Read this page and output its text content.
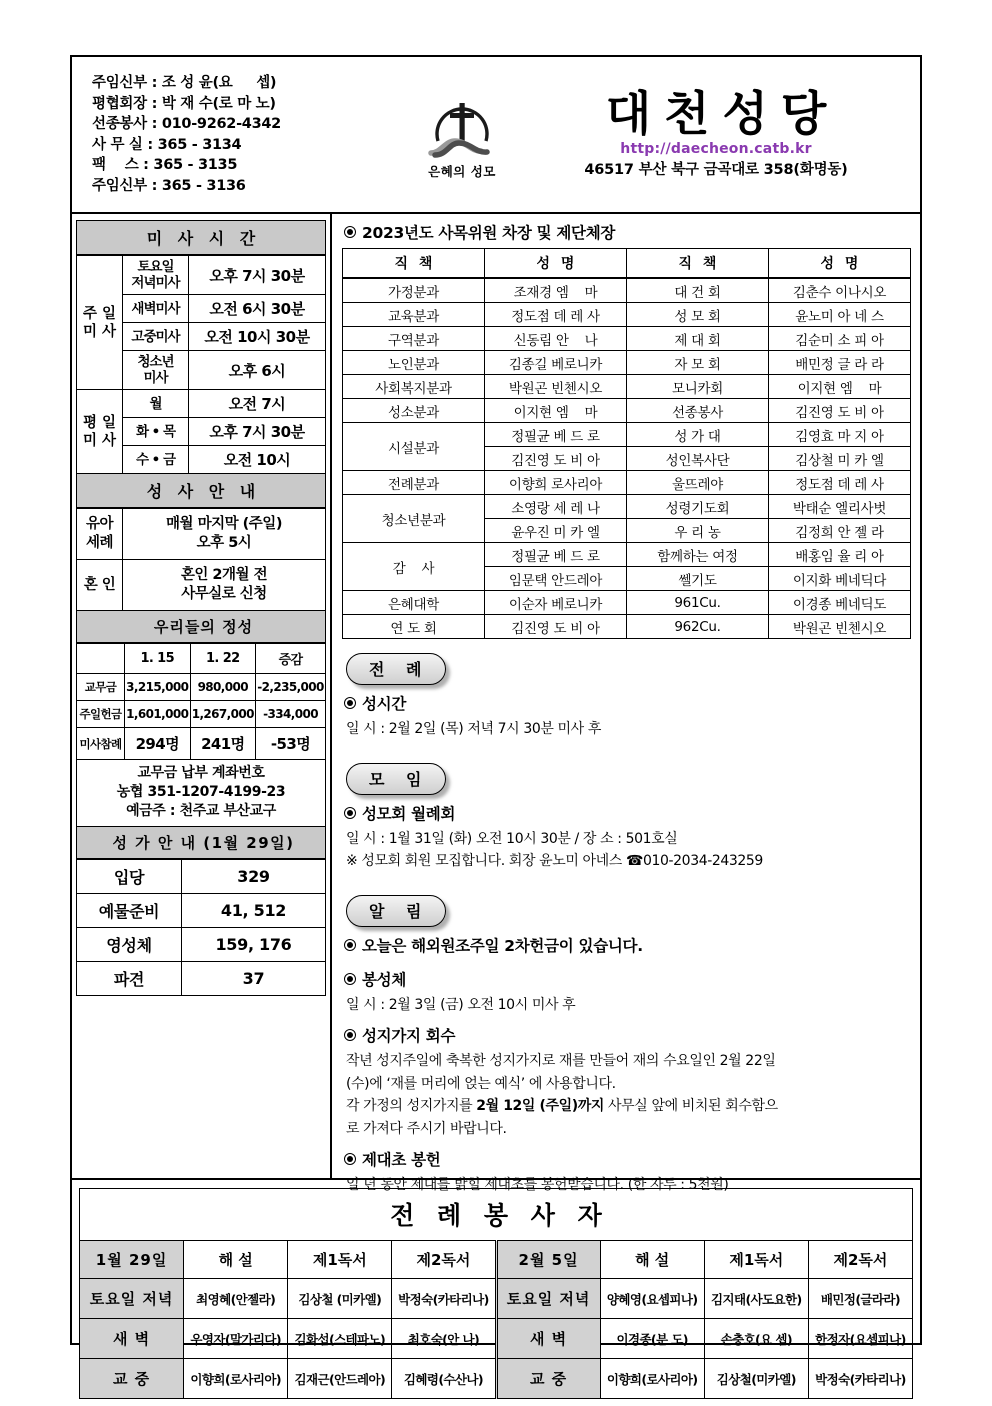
주임신부 : 조 성 윤(요     셉)
평협회장 : 박 재 수(로 마 노)
선종봉사 : 010-9262-4342
사 무 실 : 365 - 3134
팩    스 : 365 - 3135
주임신부 : 365 - 3136
은혜의 성모
대천성당
http://daecheon.catb.kr
46517 부산 북구 금곡대로 358(화명동)
미 사 시 간
주 일
미 사	토요일
저녁미사	오후 7시 30분
	새벽미사	오전 6시 30분
	고중미사	오전 10시 30분
	청소년
미사	오후 6시
평 일
미 사	월	오전 7시
	화 • 목	오후 7시 30분
	수 • 금	오전 10시
성 사 안 내
유아
세례	매월 마지막 (주일)
오후 5시
혼 인	혼인 2개월 전
사무실로 신청
우리들의 정성
	1. 15	1. 22	증감
교무금	3,215,000	980,000	-2,235,000
주일헌금	1,601,000	1,267,000	-334,000
미사참례	294명	241명	-53명
교무금 납부 계좌번호
농협 351-1207-4199-23
예금주 : 천주교 부산교구
성 가 안 내 (1월 29일)
입당	329
예물준비	41, 512
영성체	159, 176
파견	37
2023년도 사목위원 차장 및 제단체장
직 책	성 명	직 책	성 명
가정분과	조재경 엠    마	대 건 회	김춘수 이나시오
교육분과	정도점 데 레 사	성 모 회	윤노미 아 네 스
구역분과	신동림 안    나	제 대 회	김순미 소 피 아
노인분과	김종길 베로니카	자 모 회	배민정 글 라 라
사회복지분과	박원곤 빈첸시오	모니카회	이지현 엠    마
성소분과	이지현 엠    마	선종봉사	김진영 도 비 아
시설분과	정필균 베 드 로	성 가 대	김영효 마 지 아
	김진영 도 비 아	성인복사단	김상철 미 카 엘
전례분과	이향희 로사리아	울뜨레야	정도점 데 레 사
청소년분과	소영랑 세 레 나	성령기도회	박태순 엘리사벗
	윤우진 미 카 엘	우 리 농	김정희 안 젤 라
감    사	정필균 베 드 로	함께하는 여정	배홍임 율 리 아
	임문택 안드레아	쎌기도	이지화 베네딕다
은혜대학	이순자 베로니카	961Cu.	이경종 베네딕도
연 도 회	김진영 도 비 아	962Cu.	박원곤 빈첸시오
전 례
성시간
일 시 : 2월 2일 (목) 저녁 7시 30분 미사 후
모 임
성모회 월례회
일 시 : 1월 31일 (화) 오전 10시 30분 / 장 소 : 501호실
※ 성모회 회원 모집합니다. 회장 윤노미 아네스 ☎010-2034-243259
알 림
오늘은 해외원조주일 2차헌금이 있습니다.
봉성체
일 시 : 2월 3일 (금) 오전 10시 미사 후
성지가지 회수
작년 성지주일에 축복한 성지가지로 재를 만들어 재의 수요일인 2월 22일
(수)에 ‘재를 머리에 얹는 예식’ 에 사용합니다.
각 가정의 성지가지를 2월 12일 (주일)까지 사무실 앞에 비치된 회수함으
로 가져다 주시기 바랍니다.
제대초 봉헌
일 년 동안 제대를 밝힐 제대초를 봉헌받습니다. (한 자루 : 5천원)
전 례 봉 사 자
1월 29일	해 설	제1독서	제2독서	2월 5일	해 설	제1독서	제2독서
토요일 저녁	최영혜(안젤라)	김상철 (미카엘)	박정숙(카타리나)	토요일 저녁	양혜영(요셉피나)	김지태(사도요한)	배민정(글라라)
새 벽	우영자(말가리다)	김화섭(스테파노)	최호숙(안 나)	새 벽	이경종(분 도)	손충호(요 셉)	한정자(요셉피나)
교 중	이향희(로사리아)	김재근(안드레아)	김혜령(수산나)	교 중	이향희(로사리아)	김상철(미카엘)	박정숙(카타리나)
